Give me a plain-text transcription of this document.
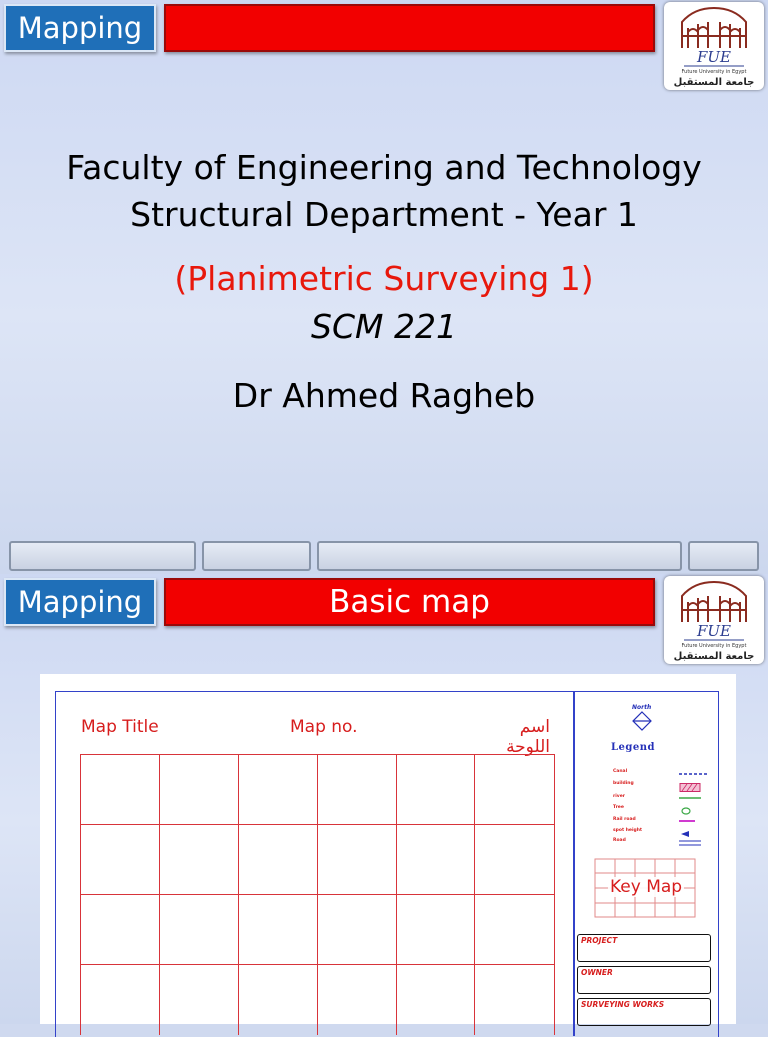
Mapping
FUE
Future University in Egypt
جامعة المستقبل
Faculty of Engineering and Technology
Structural Department - Year 1
(Planimetric Surveying 1)
SCM 221
Dr Ahmed Ragheb
Mapping	Basic map
FUE
Future University in Egypt
جامعة المستقبل
Map Title	Map no.	اسم اللوحة
North
Legend
Canal
building
river
Tree
Rail road
spot height
Road
Key Map
PROJECT
OWNER
SURVEYING WORKS
